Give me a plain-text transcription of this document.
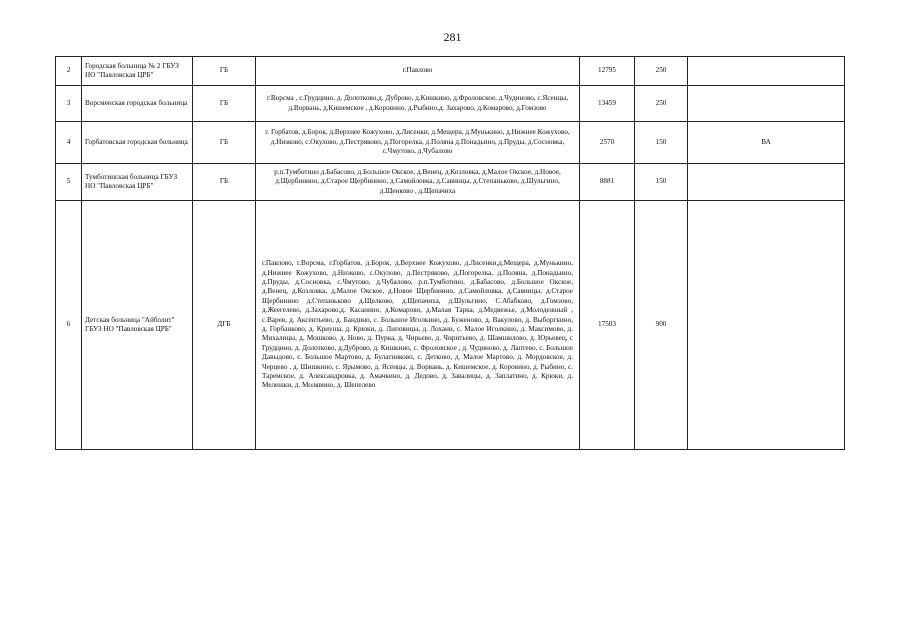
281
2	Городская больница № 2 ГБУЗ НО "Павловская ЦРБ"	ГБ	г.Павлово	12795	250	
3	Ворсменская городская больница	ГБ	г.Ворсма , с.Грудцино, д. Долотково,д. Дуброво, д.Кишкино, д.Фроловское, д.Чудиново, с.Ясенцы, д.Ворвань, д.Кишемское , д.Коровино, д.Рыбино,д. Захарово, д.Комарово, д.Гомзово	13459	250	
4	Горбатовская городская больница	ГБ	г. Горбатов, д.Борок, д.Верхнее Кожухово, д.Лисенки, д.Мещера, д.Мунькино, д.Нижнее Кожухово, д.Низково, с.Окулово, д.Пестряково, д.Погорелка, д.Поляна д.Понадьино, д.Пруды, д.Сосновка, с.Чмутово, д.Чубалово	2570	150	ВА
5	Тумботинская больница ГБУЗ НО "Павловская ЦРБ"	ГБ	р.п.Тумботино д.Бабасово, д.Большое Окское, д.Венец, д.Козловка, д.Малое Окское, д.Новое, д.Щербинино, д.Старое Щербинино, д.Самойловка, д.Савинцы, д.Степаньково, д.Шульгино, д.Щенково , д.Щепачиха	8881	150	
6	Детская больница "Айболит" ГБУЗ НО "Павловская ЦРБ"	ДГБ	г.Павлово, г.Ворсма, г.Горбатов, д.Борок, д.Верхнее Кожухово, д.Лисенки,д.Мещера, д.Мунькино, д.Нижнее Кожухово, д.Низково, с.Окулово, д.Пестряково, д.Погорелка, д.Поляна, д.Понадьино, д.Пруды, д.Сосновка, с.Чмутово, д.Чубалово, р.п.Тумботино, д.Бабасово, д.Большое Окское, д.Венец, д.Козловка, д.Малое Окское, д.Новое Щербинино, д.Самойловка, д.Савинцы, д.Старое Щербинино д.Степаньково д.Щелково, д.Щепачиха, д.Шульгино, С.Абабково, д.Гомзово, д.Жеегелево, д.Захарово,д. Касанино, д.Комарово, д.Малая Тарка, д.Медвежье, д.Молодежный , с.Варев, д. Аксентьево, д. Бандино, с. Большое Иголкино, д. Буженово, д. Вакулово, д. Выборгкино, д. Горбанково, д. Криуша, д. Крюки, д. Липовицы, д. Лохани, с. Малое Иголкино, д. Максимово, д. Михалицы, д. Мошково, д. Ново, д. Пурка, д. Чирьево, д. Чиритьево, д. Шамшилово, д. Юрьевец, с Грудцино, д. Долотково, д.Дуброво, д. Кишкино, с. Фроловское , д. Чудиново, д. Лаптево, с. Большое Давыдово, с. Большое Мартово, д. Булатниково, с. Детково, д. Малое Мартово, д. Мордовское, д. Черцево , д. Шишкино, с. Ярымово, д. Ясенцы, д. Ворвань, д. Кишемское, д. Коровино, д. Рыбино, с. Таремское, д. Александровка, д. Амачкино, д. Дедово, д. Завалицы, д. Заплатино, д. Крюки, д. Мелешки, д. Молявино, д. Шепелево	17503	900	
